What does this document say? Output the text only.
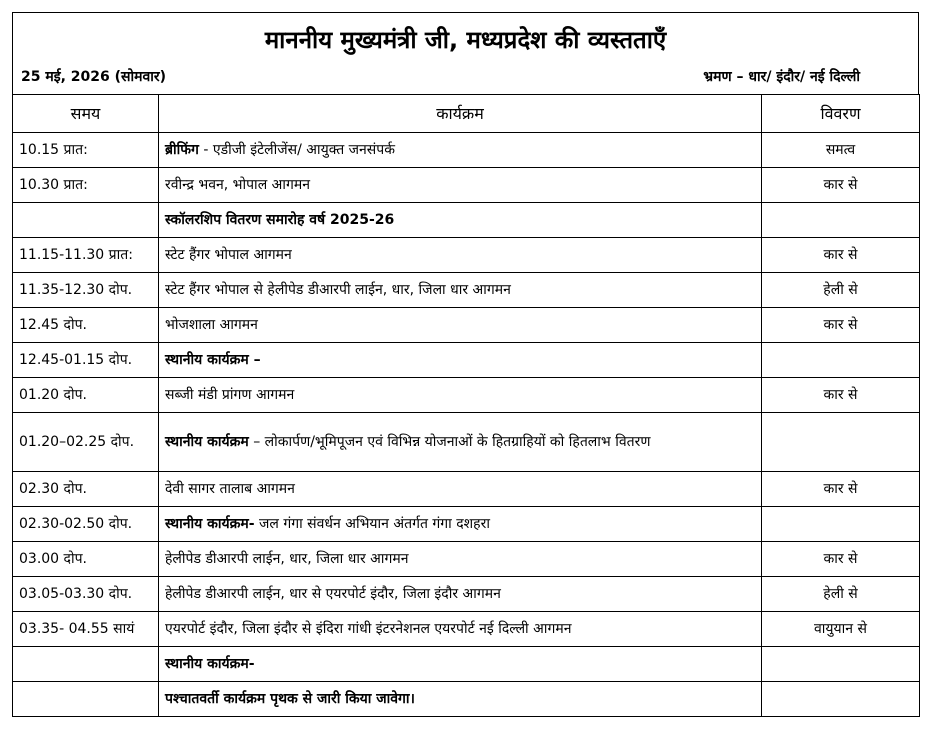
माननीय मुख्यमंत्री जी, मध्यप्रदेश की व्यस्तताएँ
25 मई, 2026 (सोमवार)	भ्रमण – धार/ इंदौर/ नई दिल्ली
समय	कार्यक्रम	विवरण
10.15 प्रात:	ब्रीफिंग - एडीजी इंटेलीजेंस/ आयुक्त जनसंपर्क	समत्व
10.30 प्रात:	रवीन्द्र भवन, भोपाल आगमन	कार से
	स्कॉलरशिप वितरण समारोह वर्ष 2025-26	
11.15-11.30 प्रात:	स्टेट हैंगर भोपाल आगमन	कार से
11.35-12.30 दोप.	स्टेट हैंगर भोपाल से हेलीपेड डीआरपी लाईन, धार, जिला धार आगमन	हेली से
12.45 दोप.	भोजशाला आगमन	कार से
12.45-01.15 दोप.	स्थानीय कार्यक्रम –	
01.20 दोप.	सब्जी मंडी प्रांगण आगमन	कार से
01.20–02.25 दोप.	स्थानीय कार्यक्रम – लोकार्पण/भूमिपूजन एवं विभिन्न योजनाओं के हितग्राहियों को हितलाभ वितरण	
02.30 दोप.	देवी सागर तालाब आगमन	कार से
02.30-02.50 दोप.	स्थानीय कार्यक्रम- जल गंगा संवर्धन अभियान अंतर्गत गंगा दशहरा	
03.00 दोप.	हेलीपेड डीआरपी लाईन, धार, जिला धार आगमन	कार से
03.05-03.30 दोप.	हेलीपेड डीआरपी लाईन, धार से एयरपोर्ट इंदौर, जिला इंदौर आगमन	हेली से
03.35- 04.55 सायं	एयरपोर्ट इंदौर, जिला इंदौर से इंदिरा गांधी इंटरनेशनल एयरपोर्ट नई दिल्ली आगमन	वायुयान से
	स्थानीय कार्यक्रम-	
	पश्चातवर्ती कार्यक्रम पृथक से जारी किया जावेगा।	
